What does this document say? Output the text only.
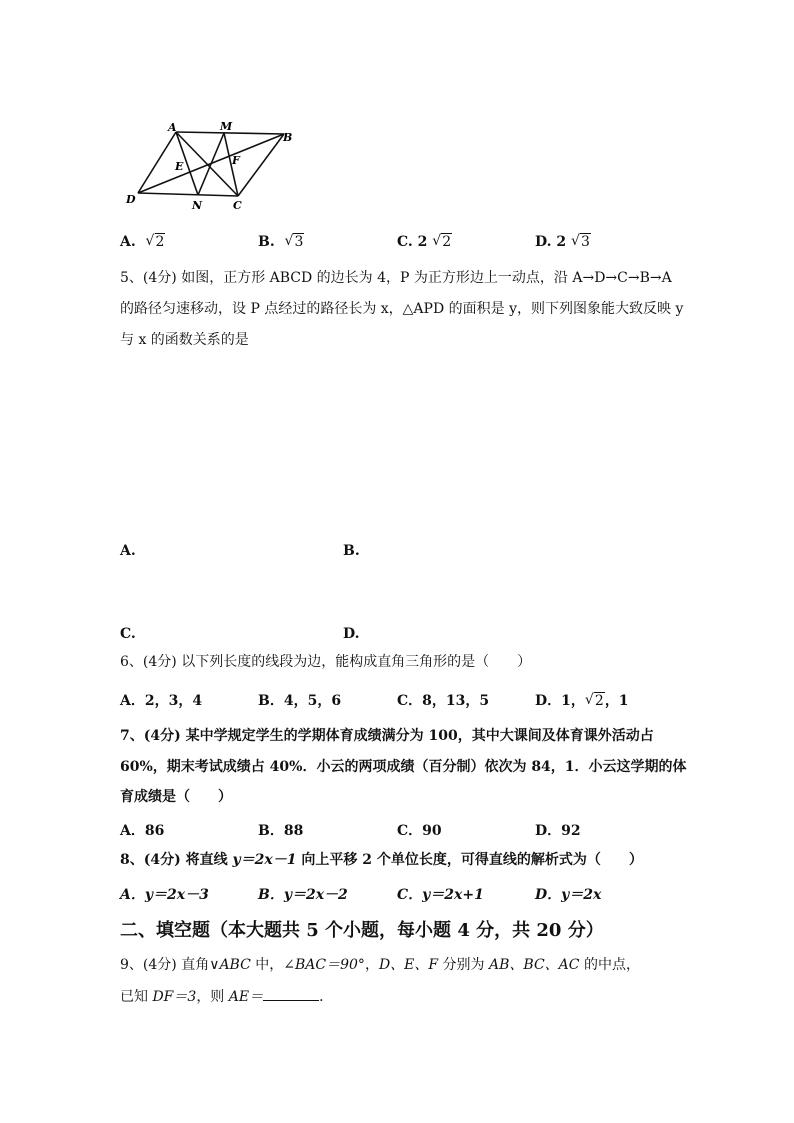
A	M
B
E	F
D	N	C
A. √ 2	B. √ 3	C. 2 √ 2	D. 2 √ 3
5、(4分) 如图，正方形 ABCD 的边长为 4，P 为正方形边上一动点，沿 A→D→C→B→A
的路径匀速移动，设 P 点经过的路径长为 x，△APD 的面积是 y，则下列图象能大致反映 y
与 x 的函数关系的是
A.	B.
C.	D.
6、(4分) 以下列长度的线段为边，能构成直角三角形的是（　　）
A．2，3，4	B．4，5，6	C．8，13，5	D．1， √ 2，1
7、(4分) 某中学规定学生的学期体育成绩满分为 100，其中大课间及体育课外活动占
60%，期末考试成绩占 40%．小云的两项成绩（百分制）依次为 84，1．小云这学期的体
育成绩是（　　）
A．86	B．88	C．90	D．92
8、(4分) 将直线 y＝2x－1 向上平移 2 个单位长度，可得直线的解析式为（　　）
A．y＝2x－3	B．y＝2x－2	C．y＝2x+1	D．y＝2x
二、填空题（本大题共 5 个小题，每小题 4 分，共 20 分）
9、(4分) 直角∨ABC 中，∠BAC＝90°，D、E、F 分别为 AB、BC、AC 的中点，
已知 DF＝3，则 AE＝	．
